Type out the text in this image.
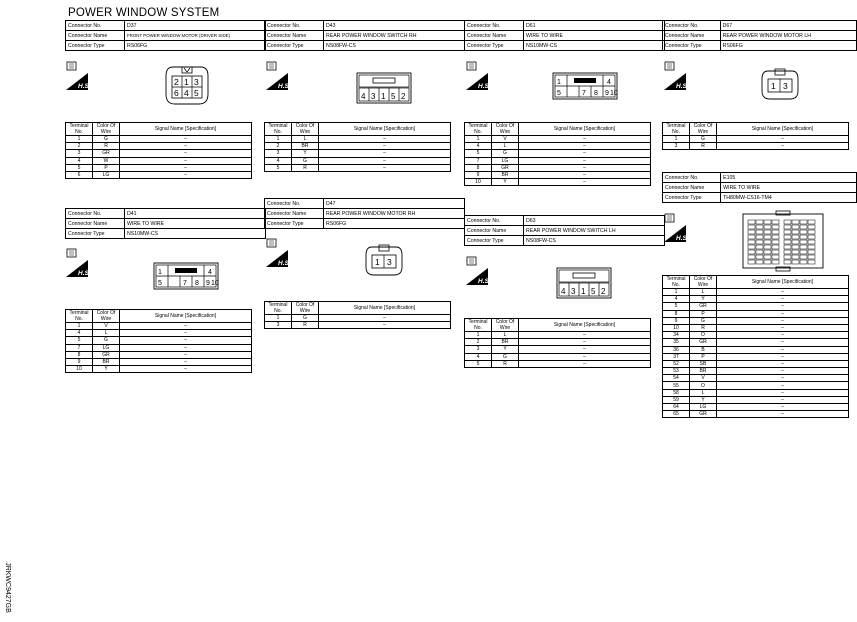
POWER WINDOW SYSTEM
JRKWC9427GB
Connector No.	D37
Connector Name	FRONT POWER WINDOW MOTOR (DRIVER SIDE)
Connector Type	RS06FG
H.S.	2 1 3
6 4 5
Terminal No.	Color Of Wire	Signal Name [Specification]
1	G	–
2	R	–
3	GR	–
4	W	–
5	P	–
6	LG	–
Connector No.	D41
Connector Name	WIRE TO WIRE
Connector Type	NS10MW-CS
H.S.	1	4
5	7 8 9 10
Terminal No.	Color Of Wire	Signal Name [Specification]
1	V	–
4	L	–
5	G	–
7	LG	–
8	GR	–
9	BR	–
10	Y	–
Connector No.	D43
Connector Name	REAR POWER WINDOW SWITCH RH
Connector Type	NS08FW-CS
H.S.
4 3 1 5 2
Terminal No.	Color Of Wire	Signal Name [Specification]
1	L	–
2	BR	–
3	Y	–
4	G	–
5	R	–
Connector No.	D47
Connector Name	REAR POWER WINDOW MOTOR RH
Connector Type	RS06FG
H.S.	1 3
Terminal No.	Color Of Wire	Signal Name [Specification]
1	G	–
3	R	–
Connector No.	D61
Connector Name	WIRE TO WIRE
Connector Type	NS10MW-CS
H.S.
1	4
5	7 8 9 10
Terminal No.	Color Of Wire	Signal Name [Specification]
1	V	–
4	L	–
5	G	–
7	LG	–
8	GR	–
9	BR	–
10	Y	–
Connector No.	D63
Connector Name	REAR POWER WINDOW SWITCH LH
Connector Type	NS08FW-CS
H.S.
4 3 1 5 2
Terminal No.	Color Of Wire	Signal Name [Specification]
1	L	–
2	BR	–
3	Y	–
4	G	–
5	R	–
Connector No.	D67
Connector Name	REAR POWER WINDOW MOTOR LH
Connector Type	RS06FG
H.S.	1 3
Terminal No.	Color Of Wire	Signal Name [Specification]
1	G	–
3	R	–
Connector No.	E105
Connector Name	WIRE TO WIRE
Connector Type	TH80MW-CS16-TM4
H.S.
Terminal No.	Color Of Wire	Signal Name [Specification]
1	L	–
4	Y	–
5	GR	–
8	P	–
9	G	–
10	R	–
34	O	–
35	GR	–
36	B	–
37	P	–
52	SB	–
53	BR	–
54	V	–
55	O	–
58	L	–
59	Y	–
64	LG	–
65	GR	–
